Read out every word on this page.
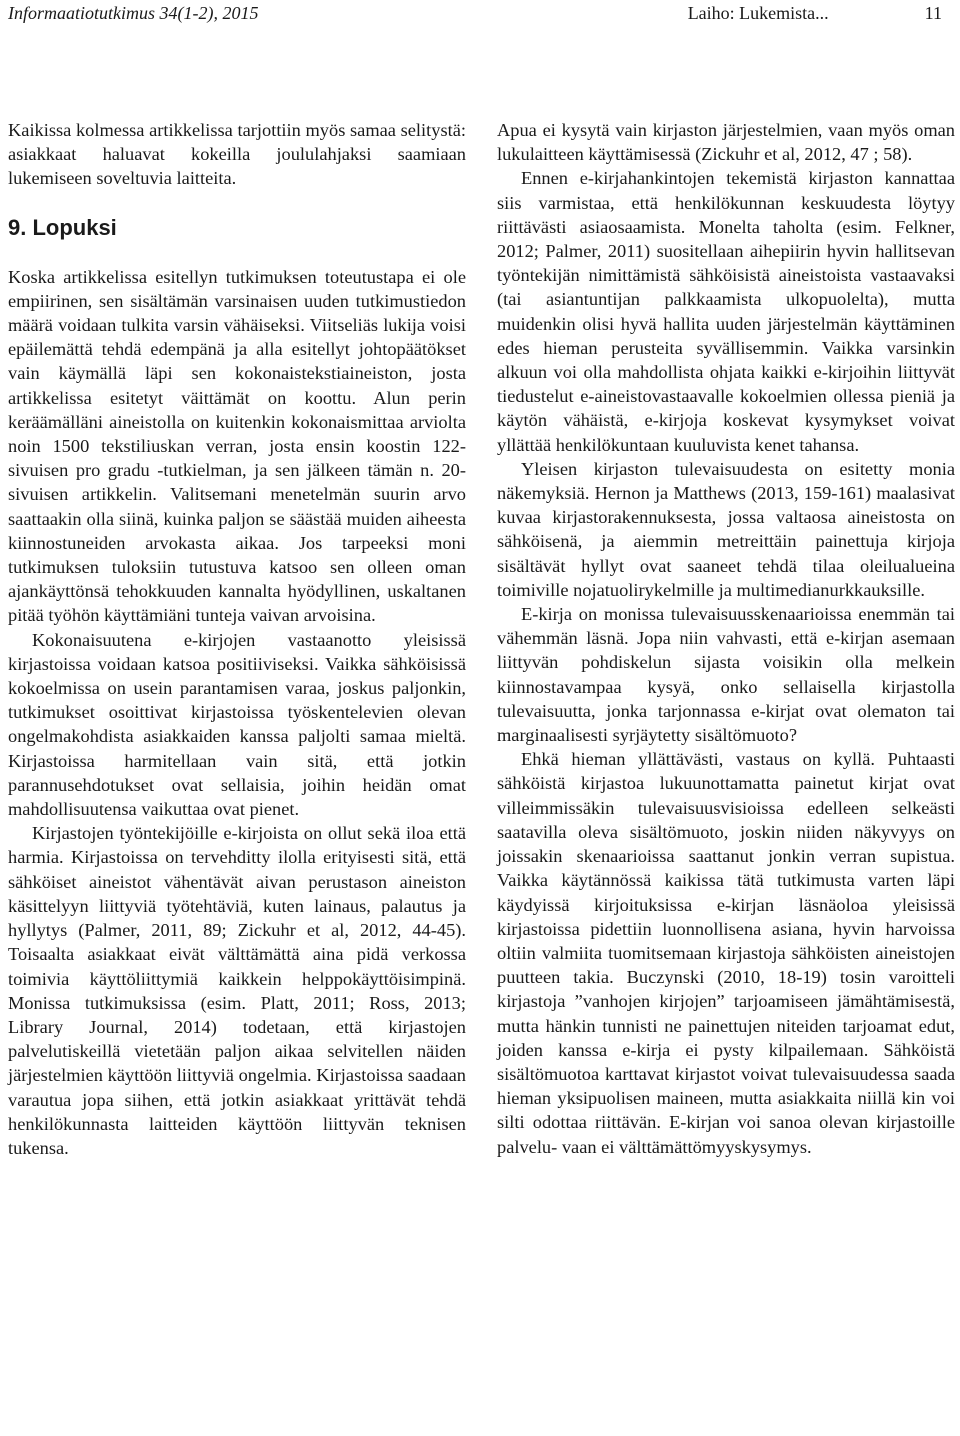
Informaatiotutkimus 34(1-2), 2015	Laiho: Lukemista...	11

Kaikissa kolmessa artikkelissa tarjottiin myös samaa selitystä: asiakkaat haluavat kokeilla joululahjaksi saamiaan lukemiseen soveltuvia laitteita.

9. Lopuksi

Koska artikkelissa esitellyn tutkimuksen toteutustapa ei ole empiirinen, sen sisältämän varsinaisen uuden tutkimustiedon määrä voidaan tulkita varsin vähäiseksi. Viitseliäs lukija voisi epäilemättä tehdä edempänä ja alla esitellyt johtopäätökset vain käymällä läpi sen kokonaistekstiaineiston, josta artikkelissa esitetyt väittämät on koottu. Alun perin keräämälläni aineistolla on kuitenkin kokonaismittaa arviolta noin 1500 tekstiliuskan verran, josta ensin koostin 122-sivuisen pro gradu -tutkielman, ja sen jälkeen tämän n. 20-sivuisen artikkelin. Valitsemani menetelmän suurin arvo saattaakin olla siinä, kuinka paljon se säästää muiden aiheesta kiinnostuneiden arvokasta aikaa. Jos tarpeeksi moni tutkimuksen tuloksiin tutustuva katsoo sen olleen oman ajankäyttönsä tehokkuuden kannalta hyödyllinen, uskaltanen pitää työhön käyttämiäni tunteja vaivan arvoisina.

Kokonaisuutena e-kirjojen vastaanotto yleisissä kirjastoissa voidaan katsoa positiiviseksi. Vaikka sähköisissä kokoelmissa on usein parantamisen varaa, joskus paljonkin, tutkimukset osoittivat kirjastoissa työskentelevien olevan ongelmakohdista asiakkaiden kanssa paljolti samaa mieltä. Kirjastoissa harmitellaan vain sitä, että jotkin parannusehdotukset ovat sellaisia, joihin heidän omat mahdollisuutensa vaikuttaa ovat pienet.

Kirjastojen työntekijöille e-kirjoista on ollut sekä iloa että harmia. Kirjastoissa on tervehditty ilolla erityisesti sitä, että sähköiset aineistot vähentävät aivan perustason aineiston käsittelyyn liittyviä työtehtäviä, kuten lainaus, palautus ja hyllytys (Palmer, 2011, 89; Zickuhr et al, 2012, 44-45). Toisaalta asiakkaat eivät välttämättä aina pidä verkossa toimivia käyttöliittymiä kaikkein helppokäyttöisimpinä. Monissa tutkimuksissa (esim. Platt, 2011; Ross, 2013; Library Journal, 2014) todetaan, että kirjastojen palvelutiskeillä vietetään paljon aikaa selvitellen näiden järjestelmien käyttöön liittyviä ongelmia. Kirjastoissa saadaan varautua jopa siihen, että jotkin asiakkaat yrittävät tehdä henkilökunnasta laitteiden käyttöön liittyvän teknisen tukensa.

Apua ei kysytä vain kirjaston järjestelmien, vaan myös oman lukulaitteen käyttämisessä (Zickuhr et al, 2012, 47 ; 58).

Ennen e-kirjahankintojen tekemistä kirjaston kannattaa siis varmistaa, että henkilökunnan keskuudesta löytyy riittävästi asiaosaamista. Monelta taholta (esim. Felkner, 2012; Palmer, 2011) suositellaan aihepiirin hyvin hallitsevan työntekijän nimittämistä sähköisistä aineistoista vastaavaksi (tai asiantuntijan palkkaamista ulkopuolelta), mutta muidenkin olisi hyvä hallita uuden järjestelmän käyttäminen edes hieman perusteita syvällisemmin. Vaikka varsinkin alkuun voi olla mahdollista ohjata kaikki e-kirjoihin liittyvät tiedustelut e-aineistovastaavalle kokoelmien ollessa pieniä ja käytön vähäistä, e-kirjoja koskevat kysymykset voivat yllättää henkilökuntaan kuuluvista kenet tahansa.

Yleisen kirjaston tulevaisuudesta on esitetty monia näkemyksiä. Hernon ja Matthews (2013, 159-161) maalasivat kuvaa kirjastorakennuksesta, jossa valtaosa aineistosta on sähköisenä, ja aiemmin metreittäin painettuja kirjoja sisältävät hyllyt ovat saaneet tehdä tilaa oleilualueina toimiville nojatuolirykelmille ja multimedianurkkauksille.

E-kirja on monissa tulevaisuusskenaarioissa enemmän tai vähemmän läsnä. Jopa niin vahvasti, että e-kirjan asemaan liittyvän pohdiskelun sijasta voisikin olla melkein kiinnostavampaa kysyä, onko sellaisella kirjastolla tulevaisuutta, jonka tarjonnassa e-kirjat ovat olematon tai marginaalisesti syrjäytetty sisältömuoto?

Ehkä hieman yllättävästi, vastaus on kyllä. Puhtaasti sähköistä kirjastoa lukuunottamatta painetut kirjat ovat villeimmissäkin tulevaisuusvisioissa edelleen selkeästi saatavilla oleva sisältömuoto, joskin niiden näkyvyys on joissakin skenaarioissa saattanut jonkin verran supistua. Vaikka käytännössä kaikissa tätä tutkimusta varten läpi käydyissä kirjoituksissa e-kirjan läsnäoloa yleisissä kirjastoissa pidettiin luonnollisena asiana, hyvin harvoissa oltiin valmiita tuomitsemaan kirjastoja sähköisten aineistojen puutteen takia. Buczynski (2010, 18-19) tosin varoitteli kirjastoja ”vanhojen kirjojen” tarjoamiseen jämähtämisestä, mutta hänkin tunnisti ne painettujen niteiden tarjoamat edut, joiden kanssa e-kirja ei pysty kilpailemaan. Sähköistä sisältömuotoa karttavat kirjastot voivat tulevaisuudessa saada hieman yksipuolisen maineen, mutta asiakkaita niillä kin voi silti odottaa riittävän. E-kirjan voi sanoa olevan kirjastoille palvelu- vaan ei välttämättömyyskysymys.
